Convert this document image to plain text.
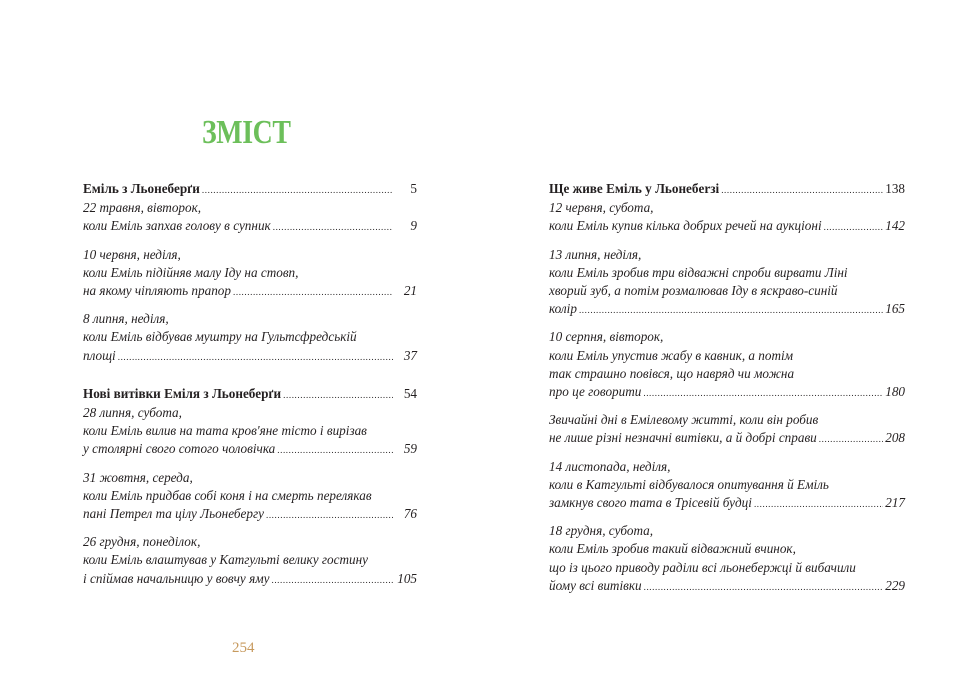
ЗМІСТ
Еміль з Льонеберґи .....	5
22 травня, вівторок,
коли Еміль запхав голову в супник .....	9
10 червня, неділя,
коли Еміль підійняв малу Іду на стовп,
на якому чіпляють прапор .....	21
8 липня, неділя,
коли Еміль відбував муштру на Гультсфредській
площі .....	37
Нові витівки Еміля з Льонеберґи .....	54
28 липня, субота,
коли Еміль вилив на тата кров'яне тісто і вирізав
у столярні свого сотого чоловічка .....	59
31 жовтня, середа,
коли Еміль придбав собі коня і на смерть перелякав
пані Петрел та цілу Льонебергу .....	76
26 грудня, понеділок,
коли Еміль влаштував у Катгульті велику гостину
і спіймав начальницю у вовчу яму .....	105
Ще живе Еміль у Льонебerзі .....	138
12 червня, субота,
коли Еміль купив кілька добрих речей на аукціоні .....	142
13 липня, неділя,
коли Еміль зробив три відважні спроби вирвати Ліні
хворий зуб, а потім розмалював Іду в яскраво-синій
колір .....	165
10 серпня, вівторок,
коли Еміль упустив жабу в кавник, а потім
так страшно повівся, що навряд чи можна
про це говорити .....	180
Звичайні дні в Емілевому житті, коли він робив
не лише різні незначні витівки, а й добрі справи .....	208
14 листопада, неділя,
коли в Катгульті відбувалося опитування й Еміль
замкнув свого тата в Трісевій будці .....	217
18 грудня, субота,
коли Еміль зробив такий відважний вчинок,
що із цього приводу раділи всі льонебержці й вибачили
йому всі витівки .....	229
254
